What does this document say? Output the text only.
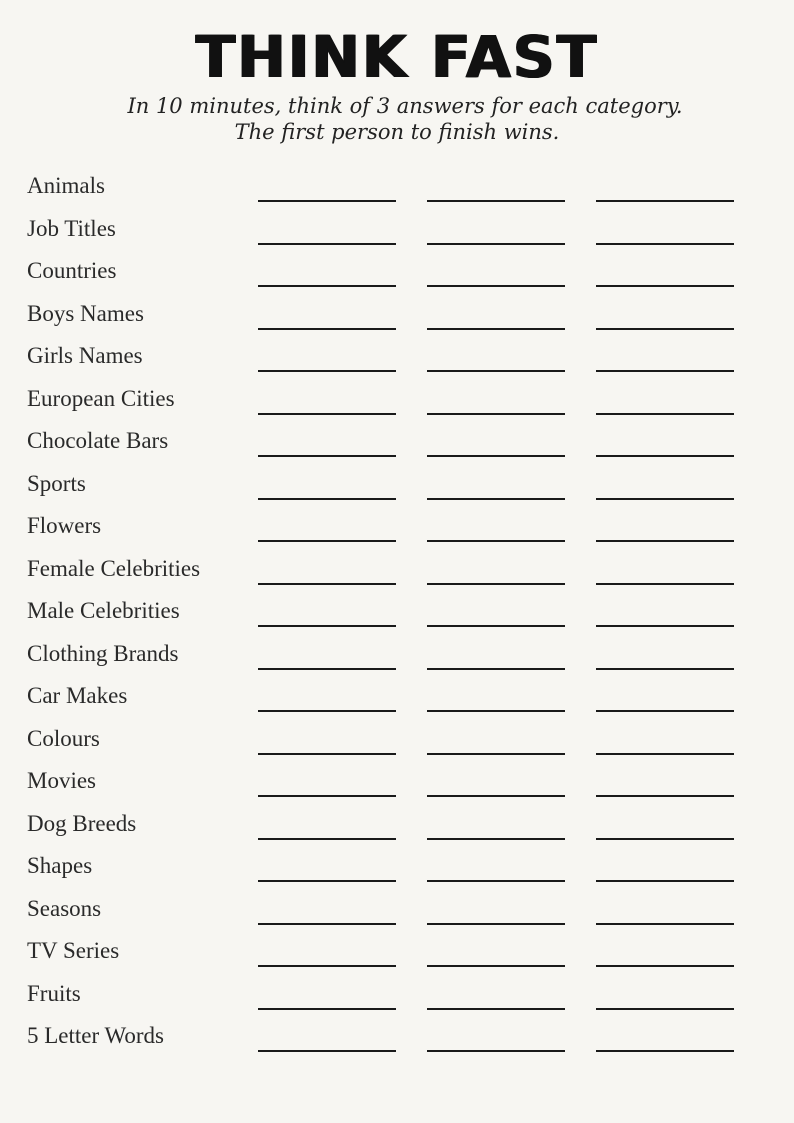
THINK FAST
In 10 minutes, think of 3 answers for each category.
The first person to finish wins.
Animals
Job Titles
Countries
Boys Names
Girls Names
European Cities
Chocolate Bars
Sports
Flowers
Female Celebrities
Male Celebrities
Clothing Brands
Car Makes
Colours
Movies
Dog Breeds
Shapes
Seasons
TV Series
Fruits
5 Letter Words
